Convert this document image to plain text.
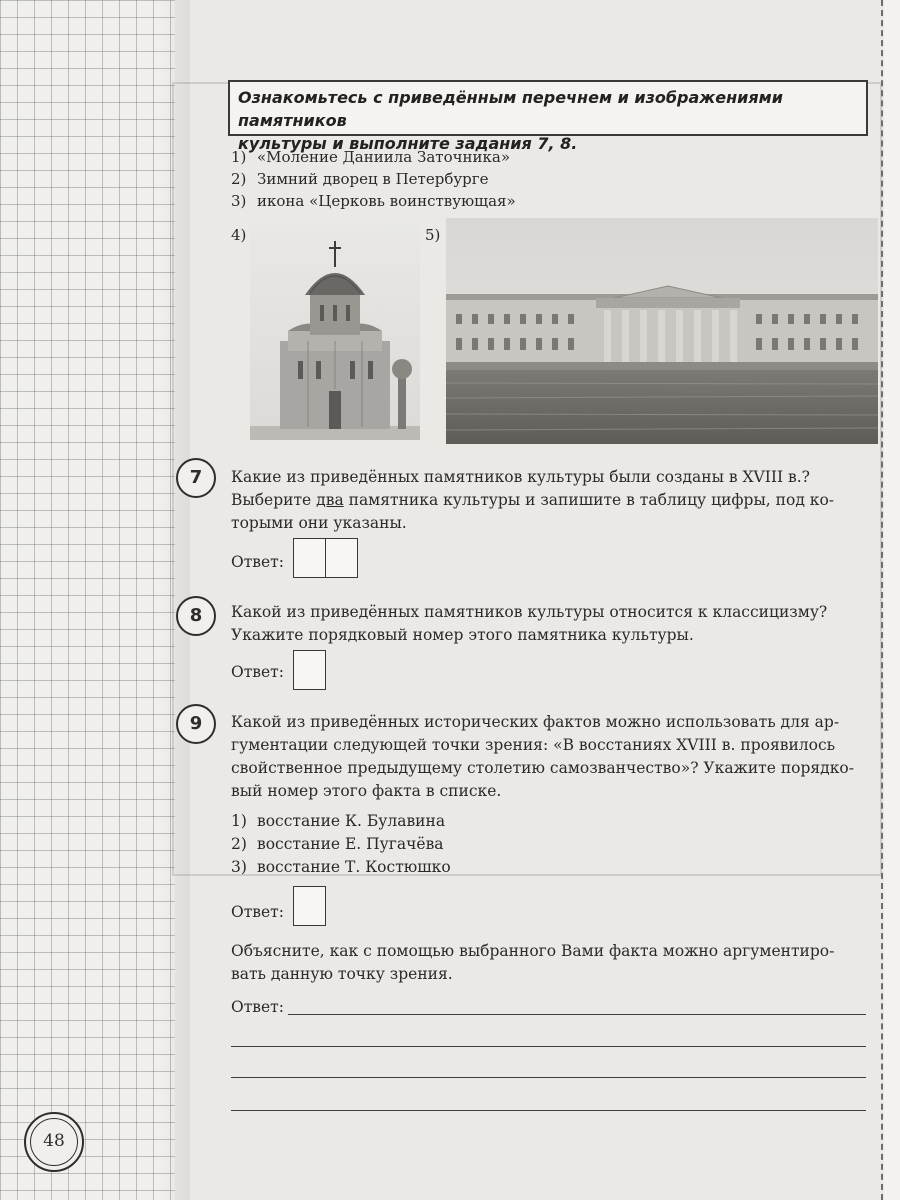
Ознакомьтесь с приведённым перечнем и изображениями памятников
культуры и выполните задания 7, 8.
1) «Моление Даниила Заточника»
2) Зимний дворец в Петербурге
3) икона «Церковь воинствующая»
4)	5)
7	Какие из приведённых памятников культуры были созданы в XVIII в.?
Выберите два памятника культуры и запишите в таблицу цифры, под ко-
торыми они указаны.
Ответ:
8	Какой из приведённых памятников культуры относится к классицизму?
Укажите порядковый номер этого памятника культуры.
Ответ:
9	Какой из приведённых исторических фактов можно использовать для ар-
гументации следующей точки зрения: «В восстаниях XVIII в. проявилось
свойственное предыдущему столетию самозванчество»? Укажите порядко-
вый номер этого факта в списке.
1) восстание К. Булавина
2) восстание Е. Пугачёва
3) восстание Т. Костюшко
Ответ:
Объясните, как с помощью выбранного Вами факта можно аргументиро-
вать данную точку зрения.
Ответ:
48
